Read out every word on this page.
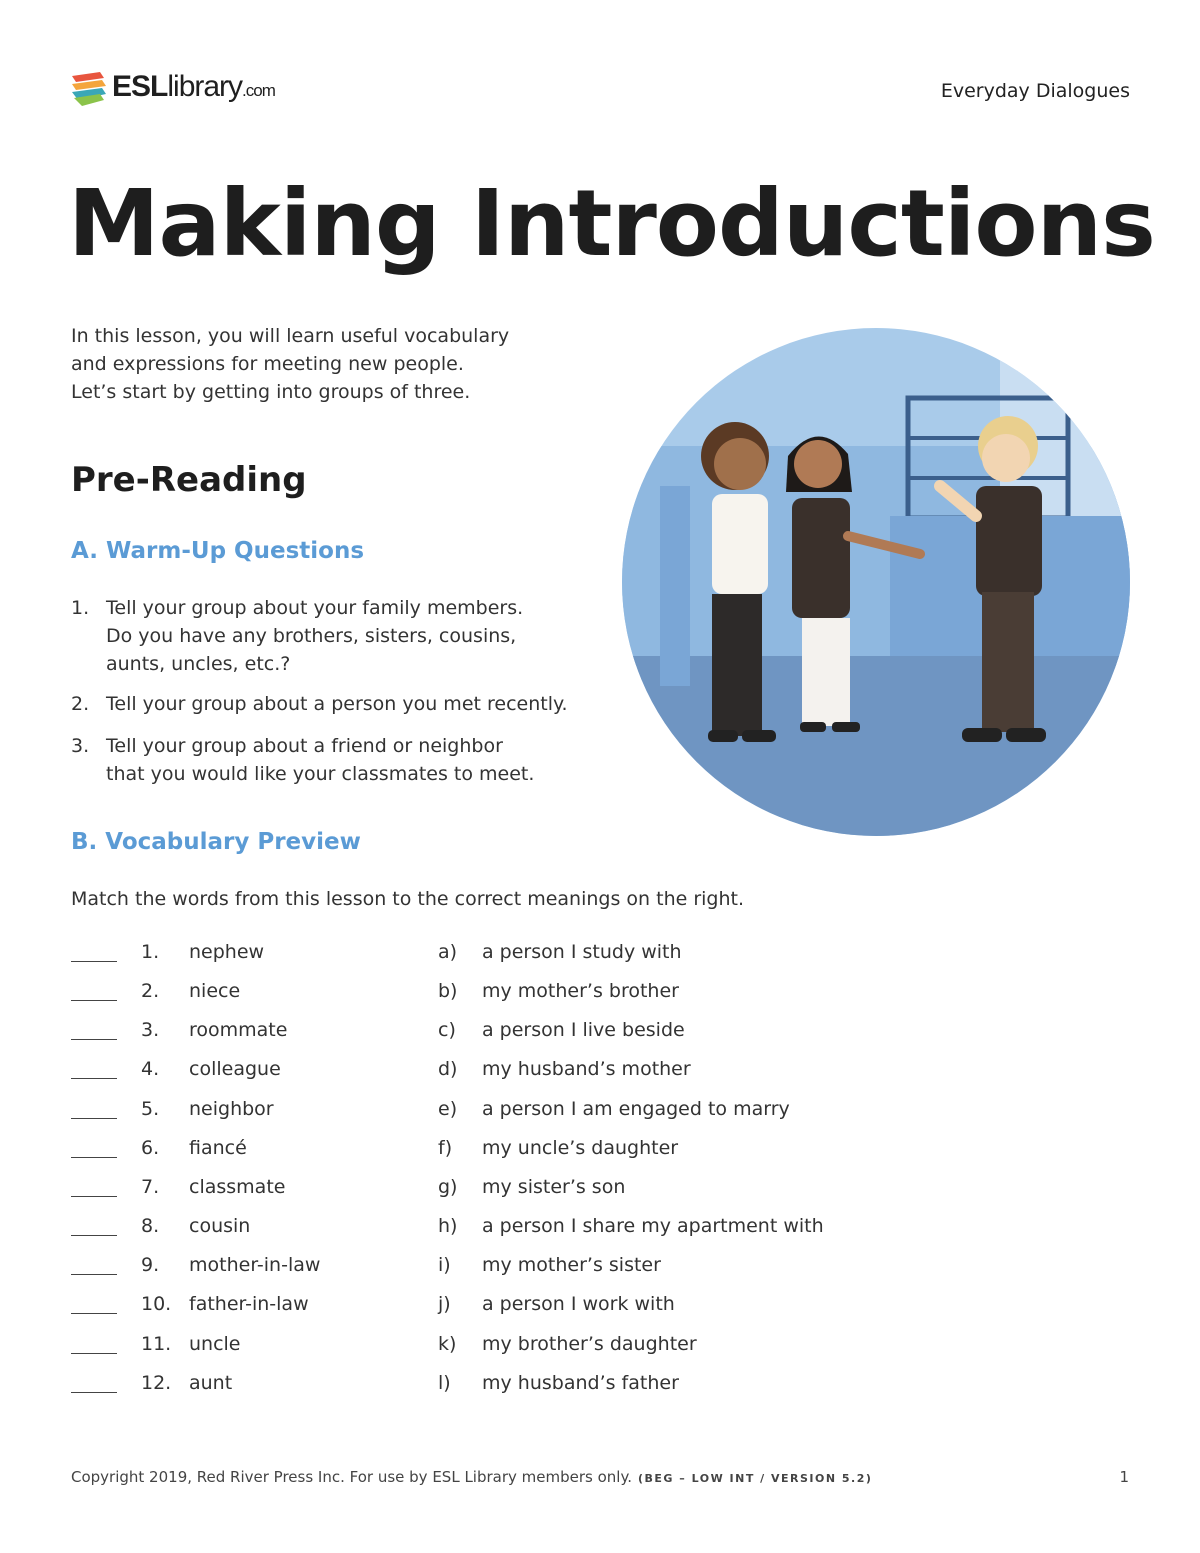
ESLlibrary.com	Everyday Dialogues
Making Introductions
In this lesson, you will learn useful vocabulary
and expressions for meeting new people.
Let’s start by getting into groups of three.
Pre-Reading
A. Warm-Up Questions
1. Tell your group about your family members.
Do you have any brothers, sisters, cousins,
aunts, uncles, etc.?
2. Tell your group about a person you met recently.
3. Tell your group about a friend or neighbor
that you would like your classmates to meet.
B. Vocabulary Preview
Match the words from this lesson to the correct meanings on the right.
1. nephew	a) a person I study with
2. niece	b) my mother’s brother
3. roommate	c) a person I live beside
4. colleague	d) my husband’s mother
5. neighbor	e) a person I am engaged to marry
6. fiancé	f) my uncle’s daughter
7. classmate	g) my sister’s son
8. cousin	h) a person I share my apartment with
9. mother-in-law	i) my mother’s sister
10. father-in-law	j) a person I work with
11. uncle	k) my brother’s daughter
12. aunt	l) my husband’s father
Copyright 2019, Red River Press Inc. For use by ESL Library members only. (BEG – LOW INT / VERSION 5.2)	1
